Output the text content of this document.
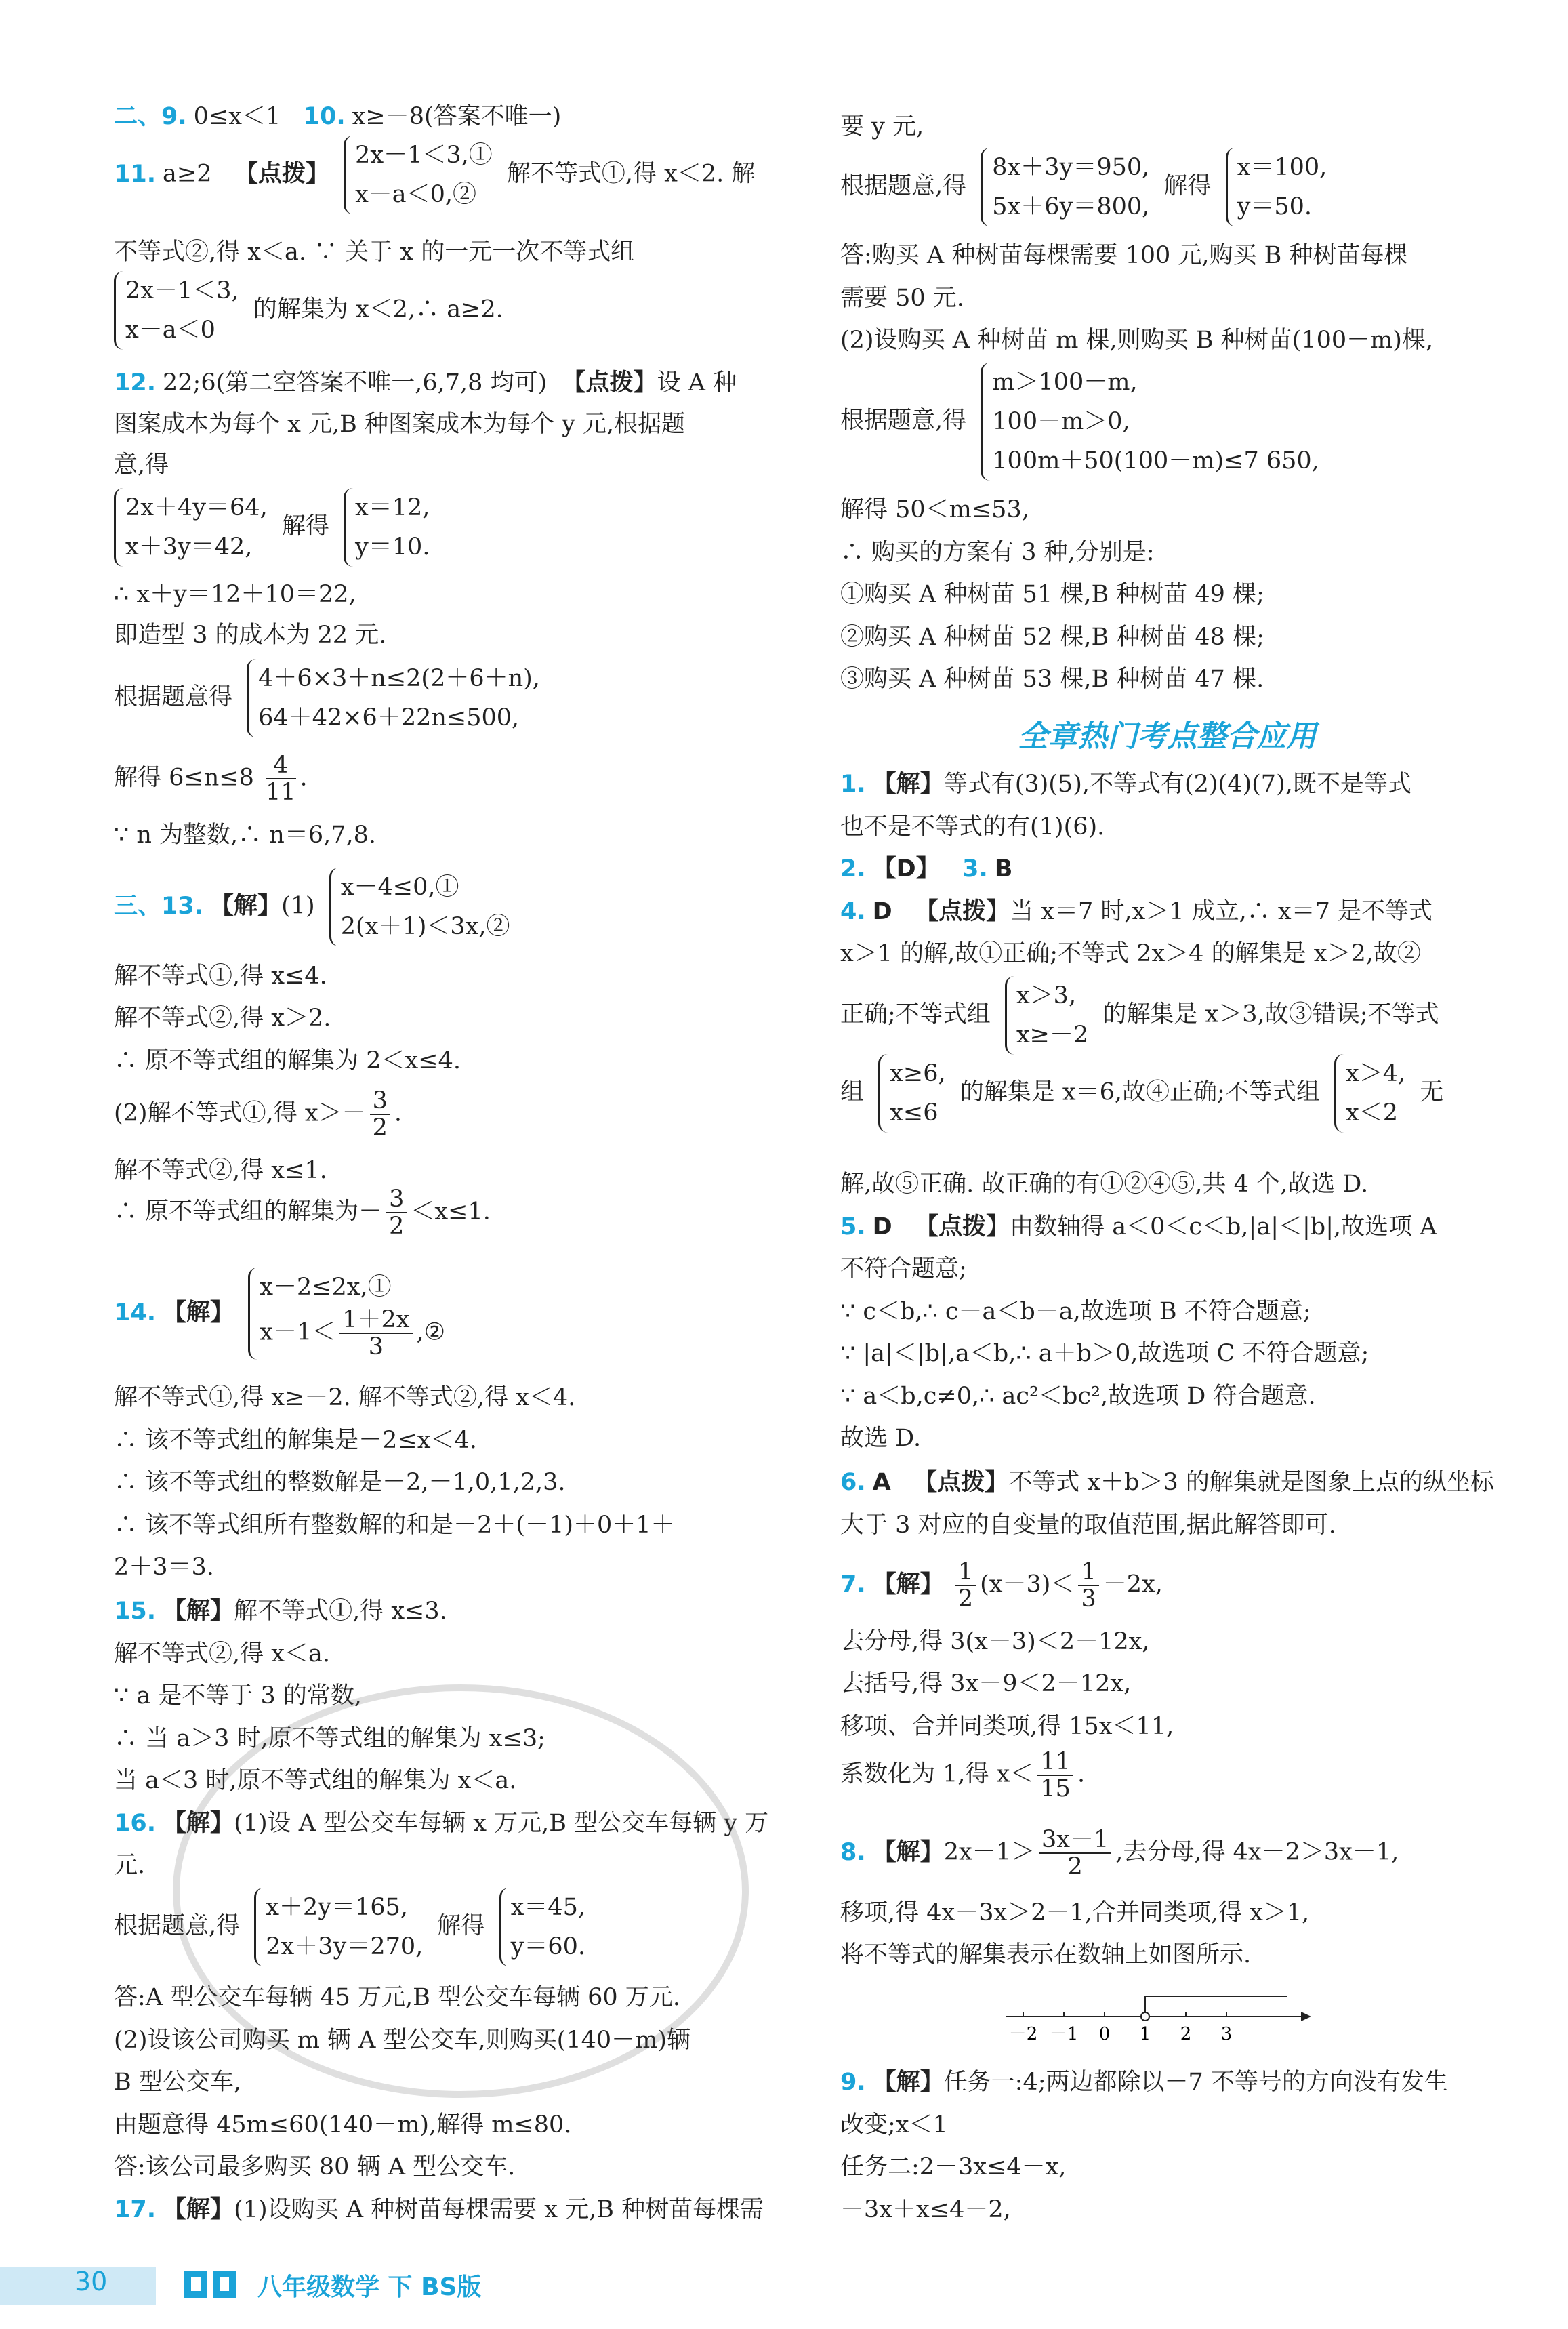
二、9. 0≤x＜1 10. x≥－8(答案不唯一)
11. a≥2 【 点拨 】
2x－1＜3,①
x－a＜0,②
解不等式①,得 x＜2. 解
不等式②,得 x＜a. ∵ 关于 x 的一元一次不等式组
2x－1＜3,
x－a＜0
的解集为 x＜2,∴ a≥2.
12. 22;6(第二空答案不唯一,6,7,8 均可) 【 点拨 】 设 A 种
图案成本为每个 x 元,B 种图案成本为每个 y 元,根据题
意,得
2x＋4y＝64,
x＋3y＝42,
解得
x＝12,
y＝10.
∴ x＋y＝12＋10＝22,
即造型 3 的成本为 22 元.
根据题意得
4＋6×3＋n≤2(2＋6＋n),
64＋42×6＋22n≤500,
解得 $6\le n\le 8 \frac{4}{11}$ .
∵ n 为整数,∴ n＝6,7,8.
三、13. 【 解 】 (1)
x－4≤0,①
2(x＋1)＜3x,②
解不等式①,得 x≤4.
解不等式②,得 x＞2.
∴ 原不等式组的解集为 2＜x≤4.
(2)解不等式①,得 $x>- \frac{3}{2}$ .
解不等式②,得 x≤1.
∴ 原不等式组的解集为－ $\frac{3}{2} <x\le 1$.
14. 【 解 】
x－2≤2x,①
$x-1< \frac{1+2x}{3}$ ,②
解不等式①,得 x≥－2. 解不等式②,得 x＜4.
∴ 该不等式组的解集是－2≤x＜4.
∴ 该不等式组的整数解是－2,－1,0,1,2,3.
∴ 该不等式组所有整数解的和是－2＋(－1)＋0＋1＋
2＋3＝3.
15. 【 解 】 解不等式①,得 x≤3.
解不等式②,得 x＜a.
∵ a 是不等于 3 的常数,
∴ 当 a＞3 时,原不等式组的解集为 x≤3;
当 a＜3 时,原不等式组的解集为 x＜a.
16. 【 解 】 (1)设 A 型公交车每辆 x 万元,B 型公交车每辆 y 万
元.
根据题意,得
x＋2y＝165,
2x＋3y＝270,
解得
x＝45,
y＝60.
答:A 型公交车每辆 45 万元,B 型公交车每辆 60 万元.
(2)设该公司购买 m 辆 A 型公交车,则购买(140－m)辆
B 型公交车,
由题意得 45m≤60(140－m),解得 m≤80.
答:该公司最多购买 80 辆 A 型公交车.
17. 【 解 】 (1)设购买 A 种树苗每棵需要 x 元,B 种树苗每棵需
要 y 元,
根据题意,得
8x＋3y＝950,
5x＋6y＝800,
解得
x＝100,
y＝50.
答:购买 A 种树苗每棵需要 100 元,购买 B 种树苗每棵
需要 50 元.
(2)设购买 A 种树苗 m 棵,则购买 B 种树苗(100－m)棵,
根据题意,得
m＞100－m,
100－m＞0,
100m＋50(100－m)≤7 650,
解得 50＜m≤53,
∴ 购买的方案有 3 种,分别是:
①购买 A 种树苗 51 棵,B 种树苗 49 棵;
②购买 A 种树苗 52 棵,B 种树苗 48 棵;
③购买 A 种树苗 53 棵,B 种树苗 47 棵.
全章热门考点整合应用
1. 【 解 】 等式有(3)(5),不等式有(2)(4)(7),既不是等式
也不是不等式的有(1)(6).
2. 【 D 】 3. B
4. D 【 点拨 】 当 x＝7 时,x＞1 成立,∴ x＝7 是不等式
x＞1 的解,故①正确;不等式 2x＞4 的解集是 x＞2,故②
正确;不等式组
x＞3,
x≥－2
的解集是 x＞3,故③错误;不等式
组
x≥6,
x≤6
的解集是 x＝6,故④正确;不等式组
x＞4,
x＜2
无
解,故⑤正确. 故正确的有①②④⑤,共 4 个,故选 D.
5. D 【 点拨 】 由数轴得 a＜0＜c＜b,|a|＜|b|,故选项 A
不符合题意;
∵ c＜b,∴ c－a＜b－a,故选项 B 不符合题意;
∵ |a|＜|b|,a＜b,∴ a＋b＞0,故选项 C 不符合题意;
∵ a＜b,c≠0,∴ ac²＜bc²,故选项 D 符合题意.
故选 D.
6. A 【 点拨 】 不等式 x＋b＞3 的解集就是图象上点的纵坐标
大于 3 对应的自变量的取值范围,据此解答即可.
7. 【 解 】 $\frac{1}{2} (x-3)< \frac{1}{3} -2x$,
去分母,得 3(x－3)＜2－12x,
去括号,得 3x－9＜2－12x,
移项、合并同类项,得 15x＜11,
系数化为 1,得 $x< \frac{11}{15}$ .
8. 【 解 】 $2x-1> \frac{3x-1}{2}$ ,去分母,得 4x－2＞3x－1,
移项,得 4x－3x＞2－1,合并同类项,得 x＞1,
将不等式的解集表示在数轴上如图所示.
－2 －1 0 1 2 3
9. 【 解 】 任务一:4;两边都除以－7 不等号的方向没有发生
改变;x＜1
任务二:2－3x≤4－x,
－3x＋x≤4－2,
30	八年级数学 下 BS版
